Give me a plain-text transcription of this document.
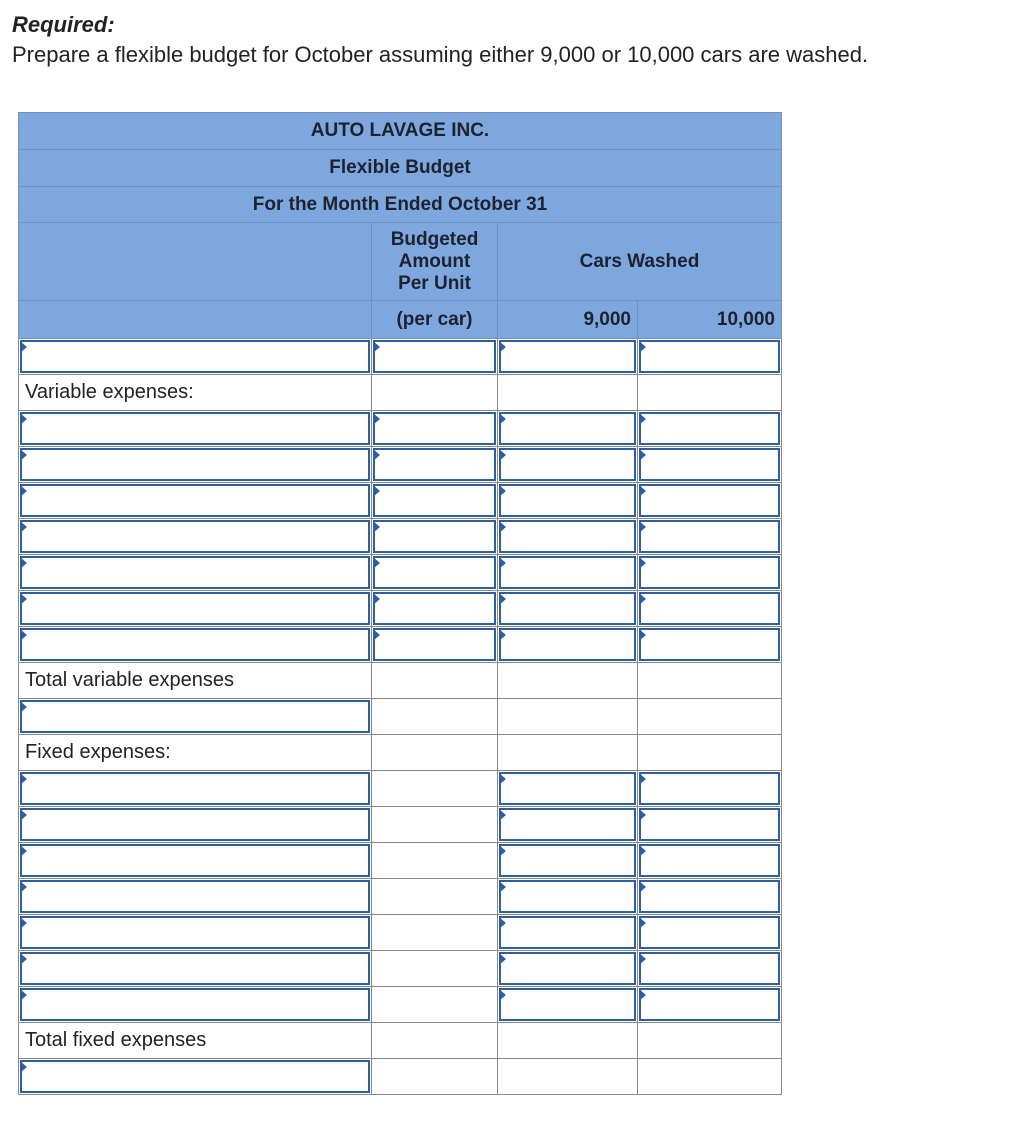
Required:
Prepare a flexible budget for October assuming either 9,000 or 10,000 cars are washed.
AUTO LAVAGE INC.			
Flexible Budget			
For the Month Ended October 31			

	Budgeted
Amount
Per Unit	Cars Washed	
	(per car)	9,000	10,000

Variable expenses:			

Total variable expenses			

Fixed expenses:			

Total fixed expenses			
